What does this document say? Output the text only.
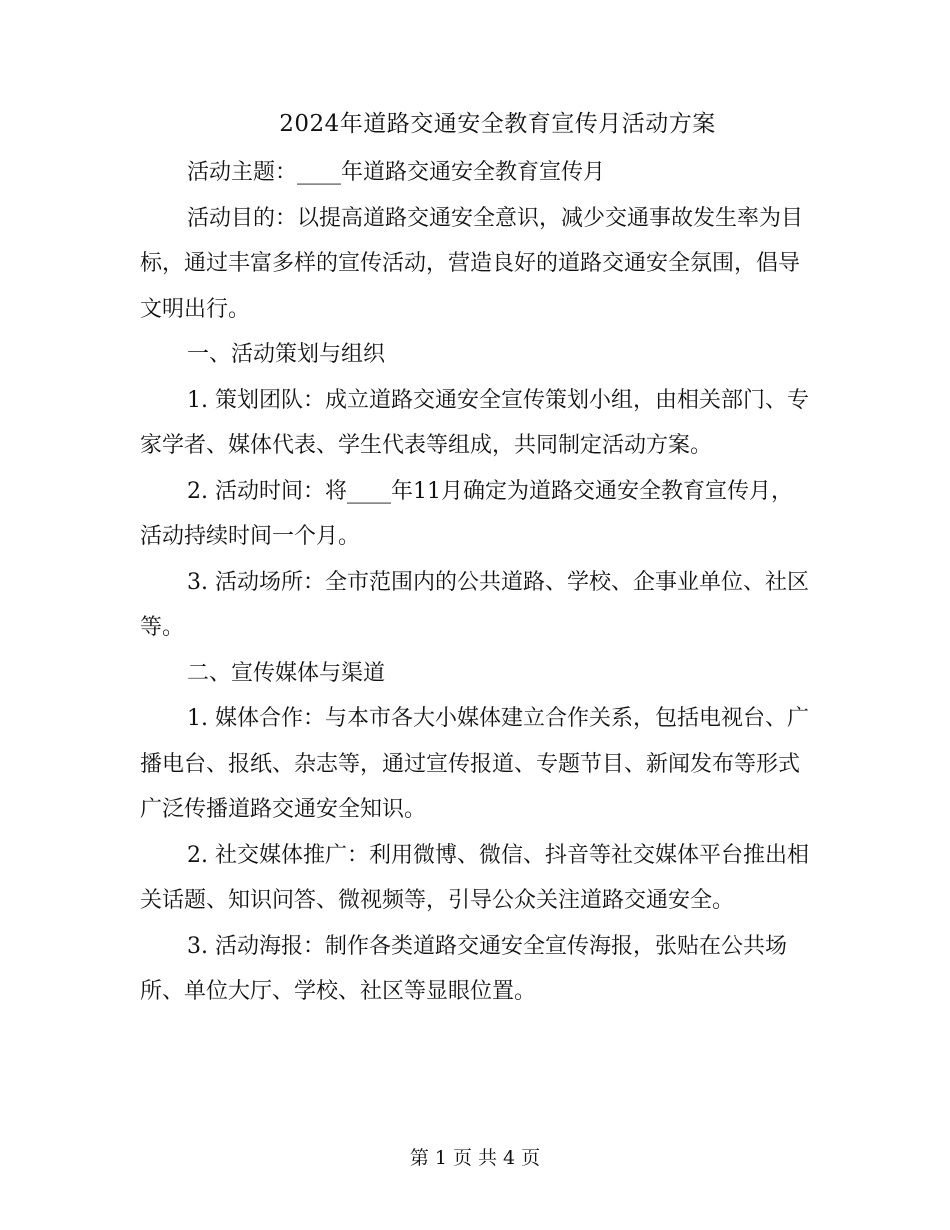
2024年道路交通安全教育宣传月活动方案

活动主题：____年道路交通安全教育宣传月

活动目的：以提高道路交通安全意识，减少交通事故发生率为目标，通过丰富多样的宣传活动，营造良好的道路交通安全氛围，倡导文明出行。

一、活动策划与组织

1. 策划团队：成立道路交通安全宣传策划小组，由相关部门、专家学者、媒体代表、学生代表等组成，共同制定活动方案。

2. 活动时间：将____年11月确定为道路交通安全教育宣传月，活动持续时间一个月。

3. 活动场所：全市范围内的公共道路、学校、企事业单位、社区等。

二、宣传媒体与渠道

1. 媒体合作：与本市各大小媒体建立合作关系，包括电视台、广播电台、报纸、杂志等，通过宣传报道、专题节目、新闻发布等形式广泛传播道路交通安全知识。

2. 社交媒体推广：利用微博、微信、抖音等社交媒体平台推出相关话题、知识问答、微视频等，引导公众关注道路交通安全。

3. 活动海报：制作各类道路交通安全宣传海报，张贴在公共场所、单位大厅、学校、社区等显眼位置。

第 1 页 共 4 页
